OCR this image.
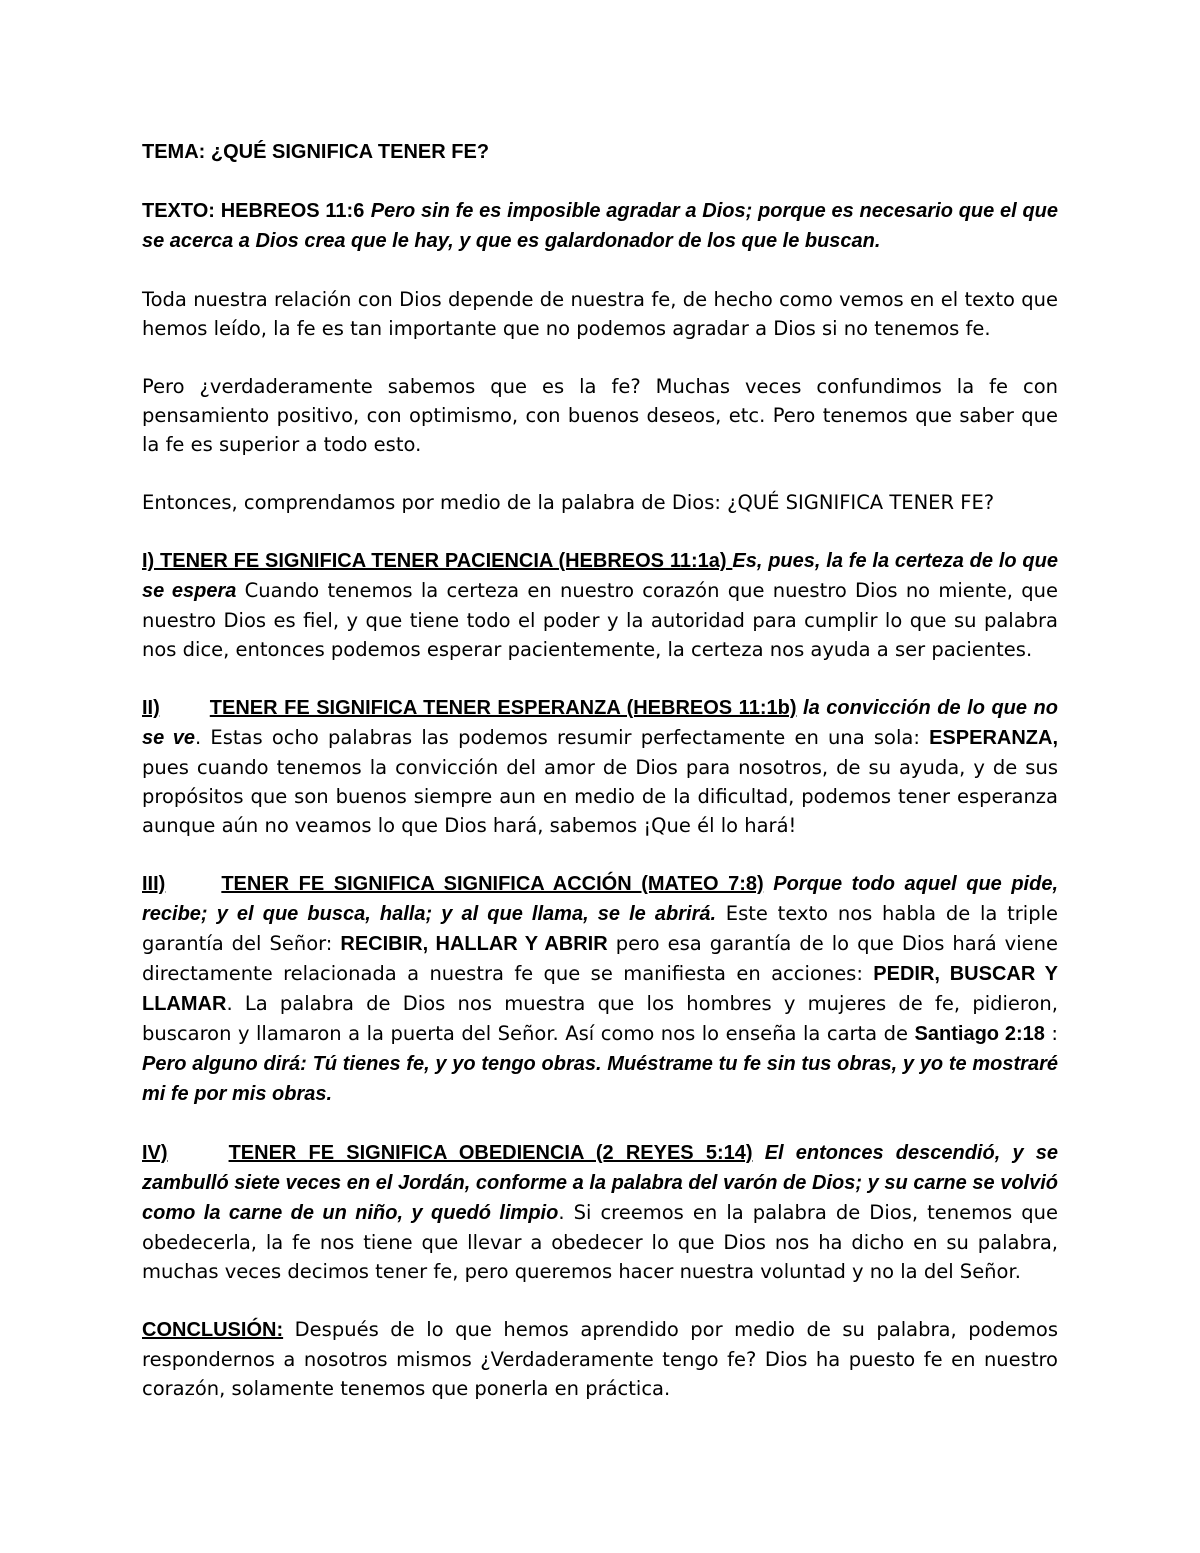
TEMA: ¿QUÉ SIGNIFICA TENER FE?

TEXTO: HEBREOS 11:6 Pero sin fe es imposible agradar a Dios; porque es necesario que el que se acerca a Dios crea que le hay, y que es galardonador de los que le buscan.

Toda nuestra relación con Dios depende de nuestra fe, de hecho como vemos en el texto que hemos leído, la fe es tan importante que no podemos agradar a Dios si no tenemos fe.

Pero ¿verdaderamente sabemos que es la fe? Muchas veces confundimos la fe con pensamiento positivo, con optimismo, con buenos deseos, etc. Pero tenemos que saber que la fe es superior a todo esto.

Entonces, comprendamos por medio de la palabra de Dios: ¿QUÉ SIGNIFICA TENER FE?

I) TENER FE SIGNIFICA TENER PACIENCIA (HEBREOS 11:1a) Es, pues, la fe la certeza de lo que se espera Cuando tenemos la certeza en nuestro corazón que nuestro Dios no miente, que nuestro Dios es fiel, y que tiene todo el poder y la autoridad para cumplir lo que su palabra nos dice, entonces podemos esperar pacientemente, la certeza nos ayuda a ser pacientes.

II)	TENER FE SIGNIFICA TENER ESPERANZA (HEBREOS 11:1b) la convicción de lo que no se ve. Estas ocho palabras las podemos resumir perfectamente en una sola: ESPERANZA, pues cuando tenemos la convicción del amor de Dios para nosotros, de su ayuda, y de sus propósitos que son buenos siempre aun en medio de la dificultad, podemos tener esperanza aunque aún no veamos lo que Dios hará, sabemos ¡Que él lo hará!

III)	TENER FE SIGNIFICA SIGNIFICA ACCIÓN (MATEO 7:8) Porque todo aquel que pide, recibe; y el que busca, halla; y al que llama, se le abrirá. Este texto nos habla de la triple garantía del Señor: RECIBIR, HALLAR Y ABRIR pero esa garantía de lo que Dios hará viene directamente relacionada a nuestra fe que se manifiesta en acciones: PEDIR, BUSCAR Y LLAMAR. La palabra de Dios nos muestra que los hombres y mujeres de fe, pidieron, buscaron y llamaron a la puerta del Señor. Así como nos lo enseña la carta de Santiago 2:18 : Pero alguno dirá: Tú tienes fe, y yo tengo obras. Muéstrame tu fe sin tus obras, y yo te mostraré mi fe por mis obras.

IV)	TENER FE SIGNIFICA OBEDIENCIA (2 REYES 5:14) El entonces descendió, y se zambulló siete veces en el Jordán, conforme a la palabra del varón de Dios; y su carne se volvió como la carne de un niño, y quedó limpio. Si creemos en la palabra de Dios, tenemos que obedecerla, la fe nos tiene que llevar a obedecer lo que Dios nos ha dicho en su palabra, muchas veces decimos tener fe, pero queremos hacer nuestra voluntad y no la del Señor.

CONCLUSIÓN: Después de lo que hemos aprendido por medio de su palabra, podemos respondernos a nosotros mismos ¿Verdaderamente tengo fe? Dios ha puesto fe en nuestro corazón, solamente tenemos que ponerla en práctica.
